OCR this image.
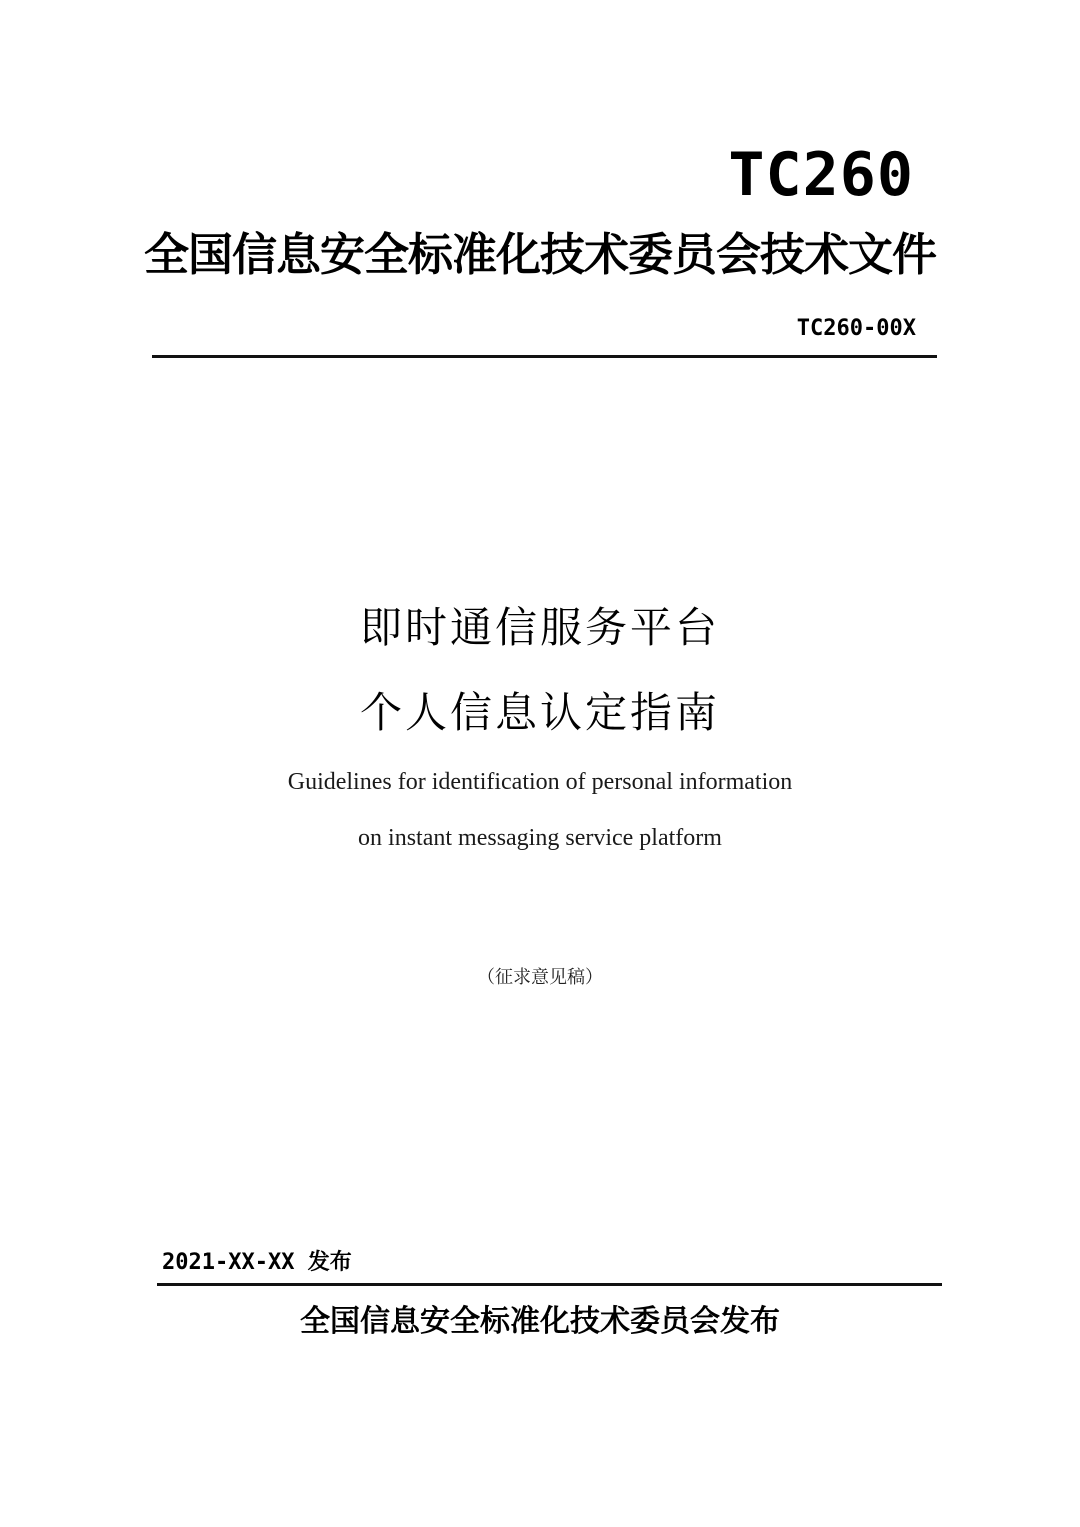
TC260
全国信息安全标准化技术委员会技术文件
TC260-00X
即时通信服务平台
个人信息认定指南
Guidelines for identification of personal information
on instant messaging service platform
（征求意见稿）
2021-XX-XX 发布
全国信息安全标准化技术委员会发布
